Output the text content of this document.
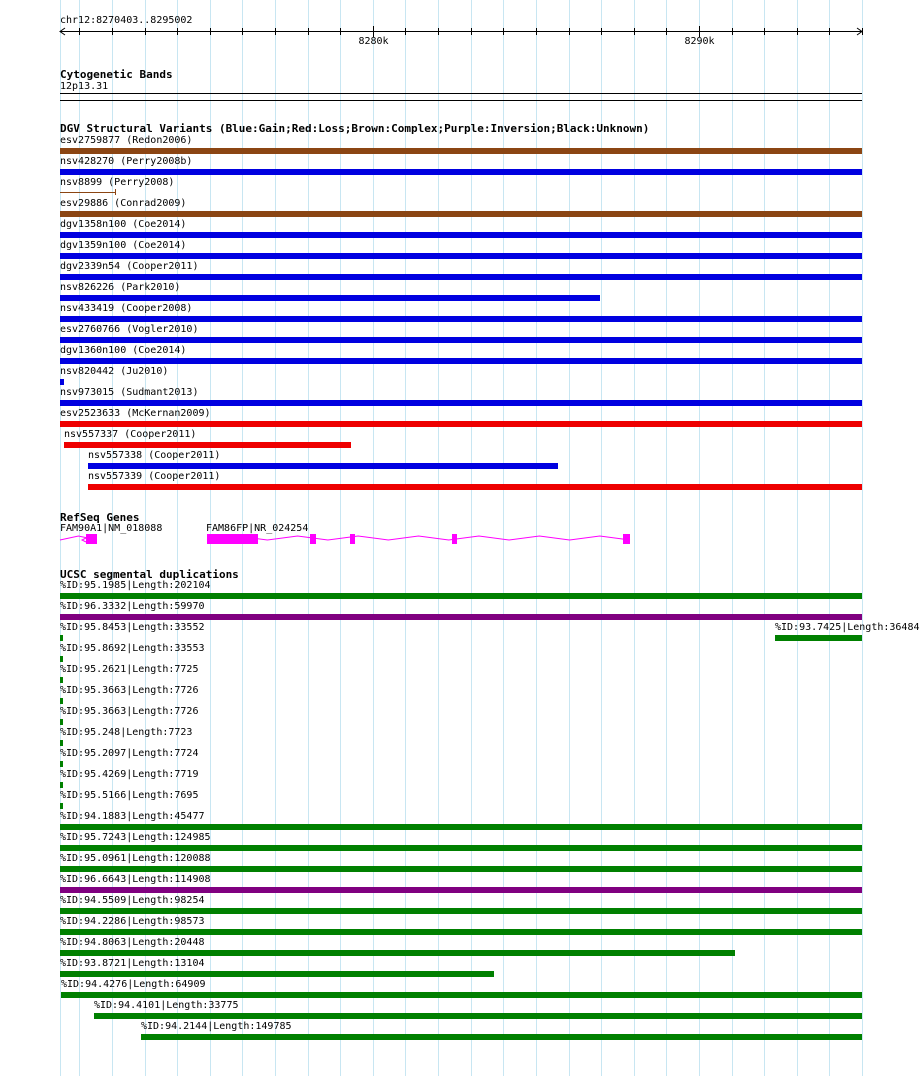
chr12:8270403..8295002
8280k	8290k
Cytogenetic Bands
12p13.31
DGV Structural Variants (Blue:Gain;Red:Loss;Brown:Complex;Purple:Inversion;Black:Unknown)
esv2759877 (Redon2006)
nsv428270 (Perry2008b)
nsv8899 (Perry2008)
esv29886 (Conrad2009)
dgv1358n100 (Coe2014)
dgv1359n100 (Coe2014)
dgv2339n54 (Cooper2011)
nsv826226 (Park2010)
nsv433419 (Cooper2008)
esv2760766 (Vogler2010)
dgv1360n100 (Coe2014)
nsv820442 (Ju2010)
nsv973015 (Sudmant2013)
esv2523633 (McKernan2009)
nsv557337 (Cooper2011)
nsv557338 (Cooper2011)
nsv557339 (Cooper2011)
RefSeq Genes
FAM90A1|NM_018088	FAM86FP|NR_024254
UCSC segmental duplications
%ID:95.1985|Length:202104
%ID:96.3332|Length:59970
%ID:95.8453|Length:33552	%ID:93.7425|Length:36484
%ID:95.8692|Length:33553
%ID:95.2621|Length:7725
%ID:95.3663|Length:7726
%ID:95.3663|Length:7726
%ID:95.248|Length:7723
%ID:95.2097|Length:7724
%ID:95.4269|Length:7719
%ID:95.5166|Length:7695
%ID:94.1883|Length:45477
%ID:95.7243|Length:124985
%ID:95.0961|Length:120088
%ID:96.6643|Length:114908
%ID:94.5509|Length:98254
%ID:94.2286|Length:98573
%ID:94.8063|Length:20448
%ID:93.8721|Length:13104
%ID:94.4276|Length:64909
%ID:94.4101|Length:33775
%ID:94.2144|Length:149785
